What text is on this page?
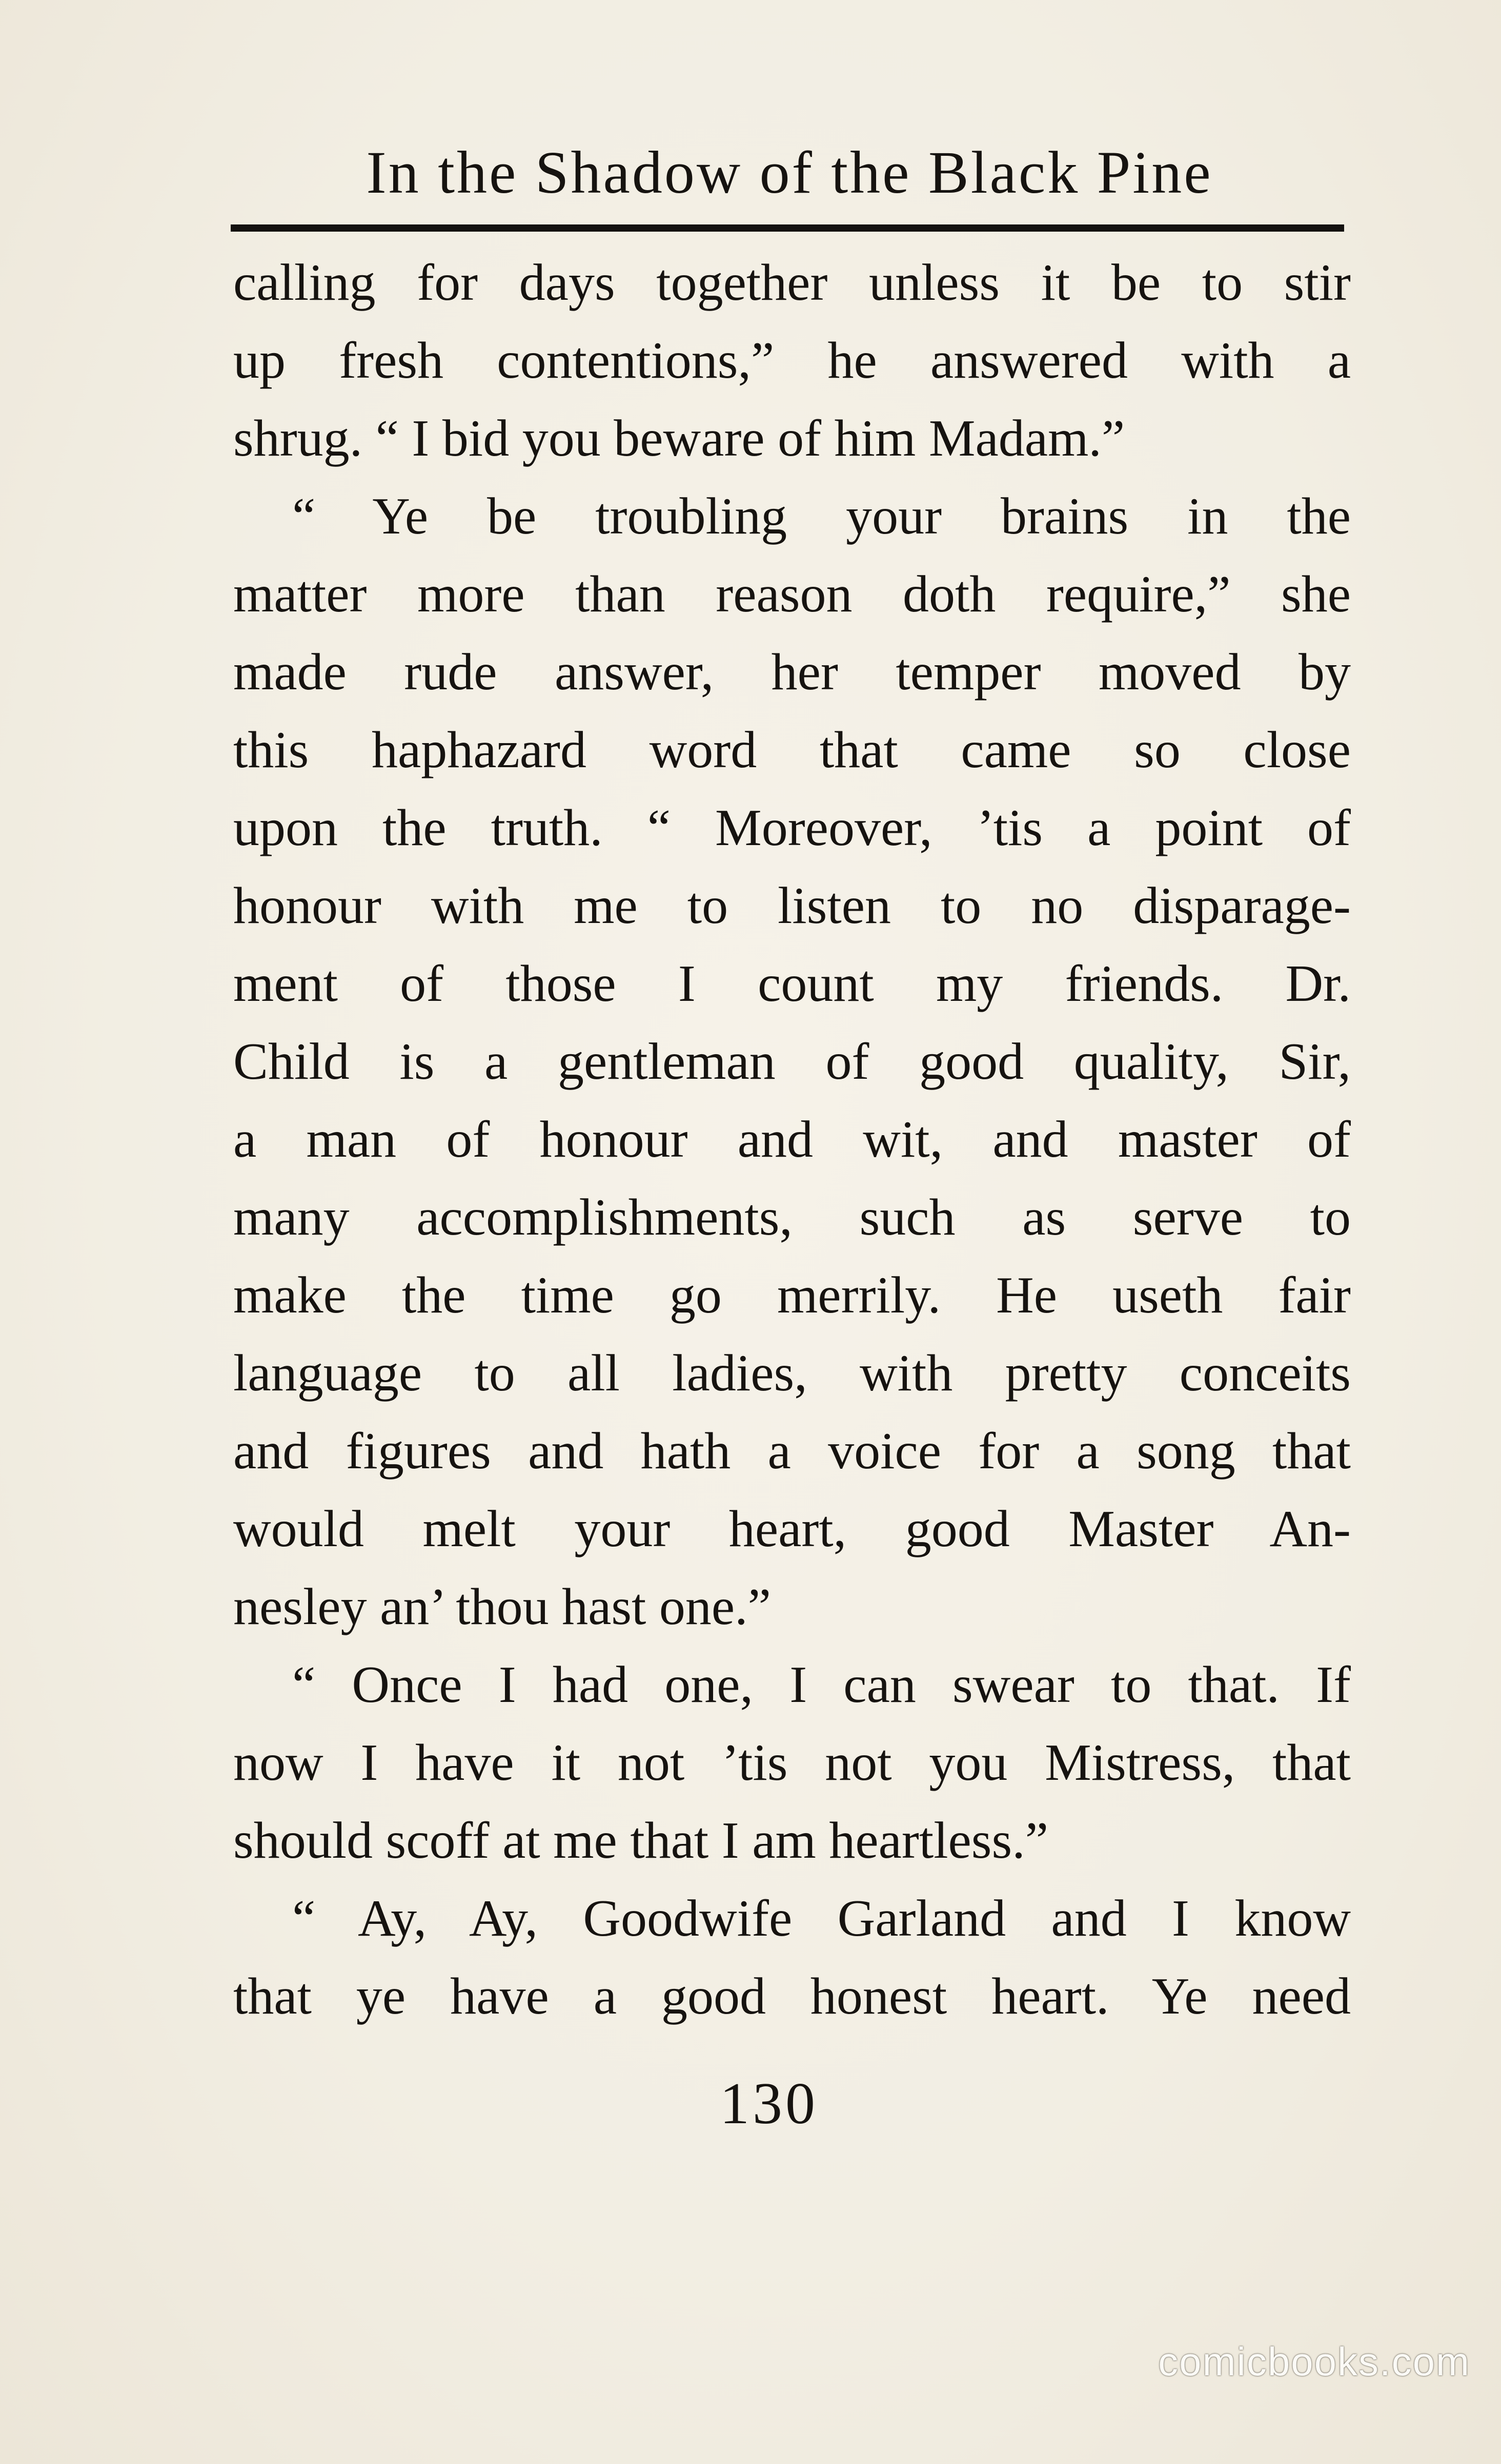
In the Shadow of the Black Pine
calling for days together unless it be to stir
up fresh contentions,” he answered with a
shrug. “ I bid you beware of him Madam.”
“ Ye be troubling your brains in the
matter more than reason doth require,” she
made rude answer, her temper moved by
this haphazard word that came so close
upon the truth. “ Moreover, ’tis a point of
honour with me to listen to no disparage-
ment of those I count my friends. Dr.
Child is a gentleman of good quality, Sir,
a man of honour and wit, and master of
many accomplishments, such as serve to
make the time go merrily. He useth fair
language to all ladies, with pretty conceits
and figures and hath a voice for a song that
would melt your heart, good Master An-
nesley an’ thou hast one.”
“ Once I had one, I can swear to that. If
now I have it not ’tis not you Mistress, that
should scoff at me that I am heartless.”
“ Ay, Ay, Goodwife Garland and I know
that ye have a good honest heart. Ye need
130
comicbooks.com
